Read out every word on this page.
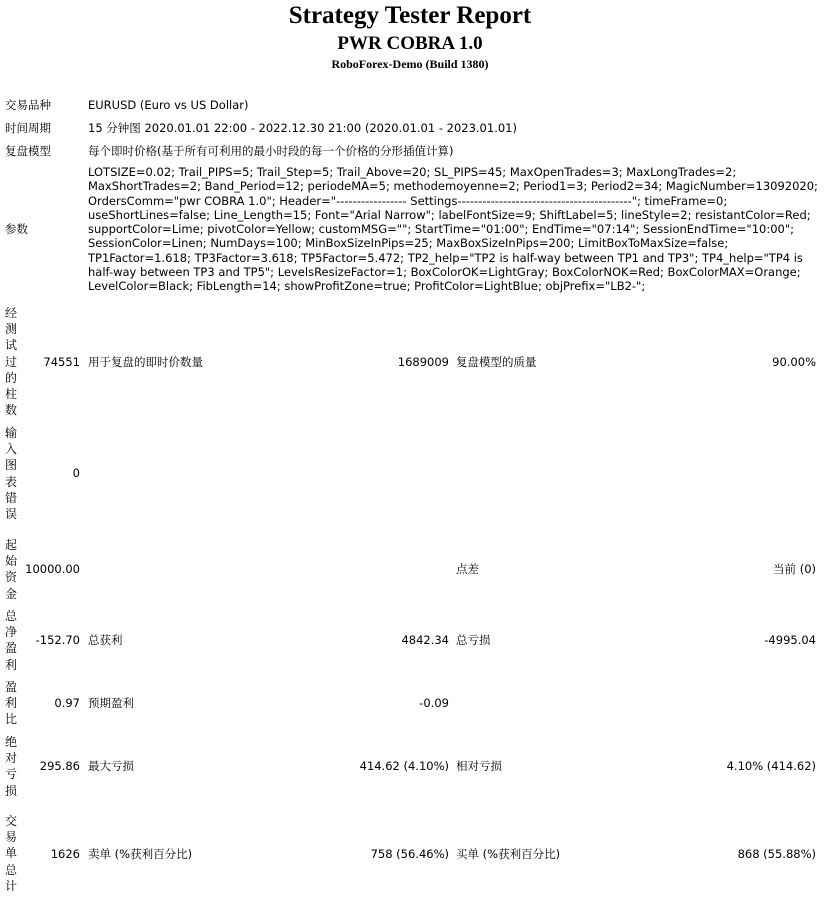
Strategy Tester Report
PWR COBRA 1.0
RoboForex-Demo (Build 1380)
交易品种	EURUSD (Euro vs US Dollar)
时间周期	15 分钟图 2020.01.01 22:00 - 2022.12.30 21:00 (2020.01.01 - 2023.01.01)
复盘模型	每个即时价格(基于所有可利用的最小时段的每一个价格的分形插值计算)
参数
LOTSIZE=0.02; Trail_PIPS=5; Trail_Step=5; Trail_Above=20; SL_PIPS=45; MaxOpenTrades=3; MaxLongTrades=2; MaxShortTrades=2; Band_Period=12; periodeMA=5; methodemoyenne=2; Period1=3; Period2=34; MagicNumber=13092020; OrdersComm="pwr COBRA 1.0"; Header="----------------- Settings------------------------------------------"; timeFrame=0; useShortLines=false; Line_Length=15; Font="Arial Narrow"; labelFontSize=9; ShiftLabel=5; lineStyle=2; resistantColor=Red; supportColor=Lime; pivotColor=Yellow; customMSG=""; StartTime="01:00"; EndTime="07:14"; SessionEndTime="10:00"; SessionColor=Linen; NumDays=100; MinBoxSizeInPips=25; MaxBoxSizeInPips=200; LimitBoxToMaxSize=false; TP1Factor=1.618; TP3Factor=3.618; TP5Factor=5.472; TP2_help="TP2 is half-way between TP1 and TP3"; TP4_help="TP4 is half-way between TP3 and TP5"; LevelsResizeFactor=1; BoxColorOK=LightGray; BoxColorNOK=Red; BoxColorMAX=Orange; LevelColor=Black; FibLength=14; showProfitZone=true; ProfitColor=LightBlue; objPrefix="LB2-";
经测试过的柱数
74551 用于复盘的即时价数量	1689009 复盘模型的质量	90.00%
输入图表错误
0
起始资金
10000.00	点差	当前 (0)
总净盈利
-152.70 总获利	4842.34 总亏损	-4995.04
盈利比
0.97 预期盈利	-0.09
绝对亏损
295.86 最大亏损	414.62 (4.10%) 相对亏损	4.10% (414.62)
交易单总计
1626 卖单 (%获利百分比)	758 (56.46%) 买单 (%获利百分比)	868 (55.88%)
